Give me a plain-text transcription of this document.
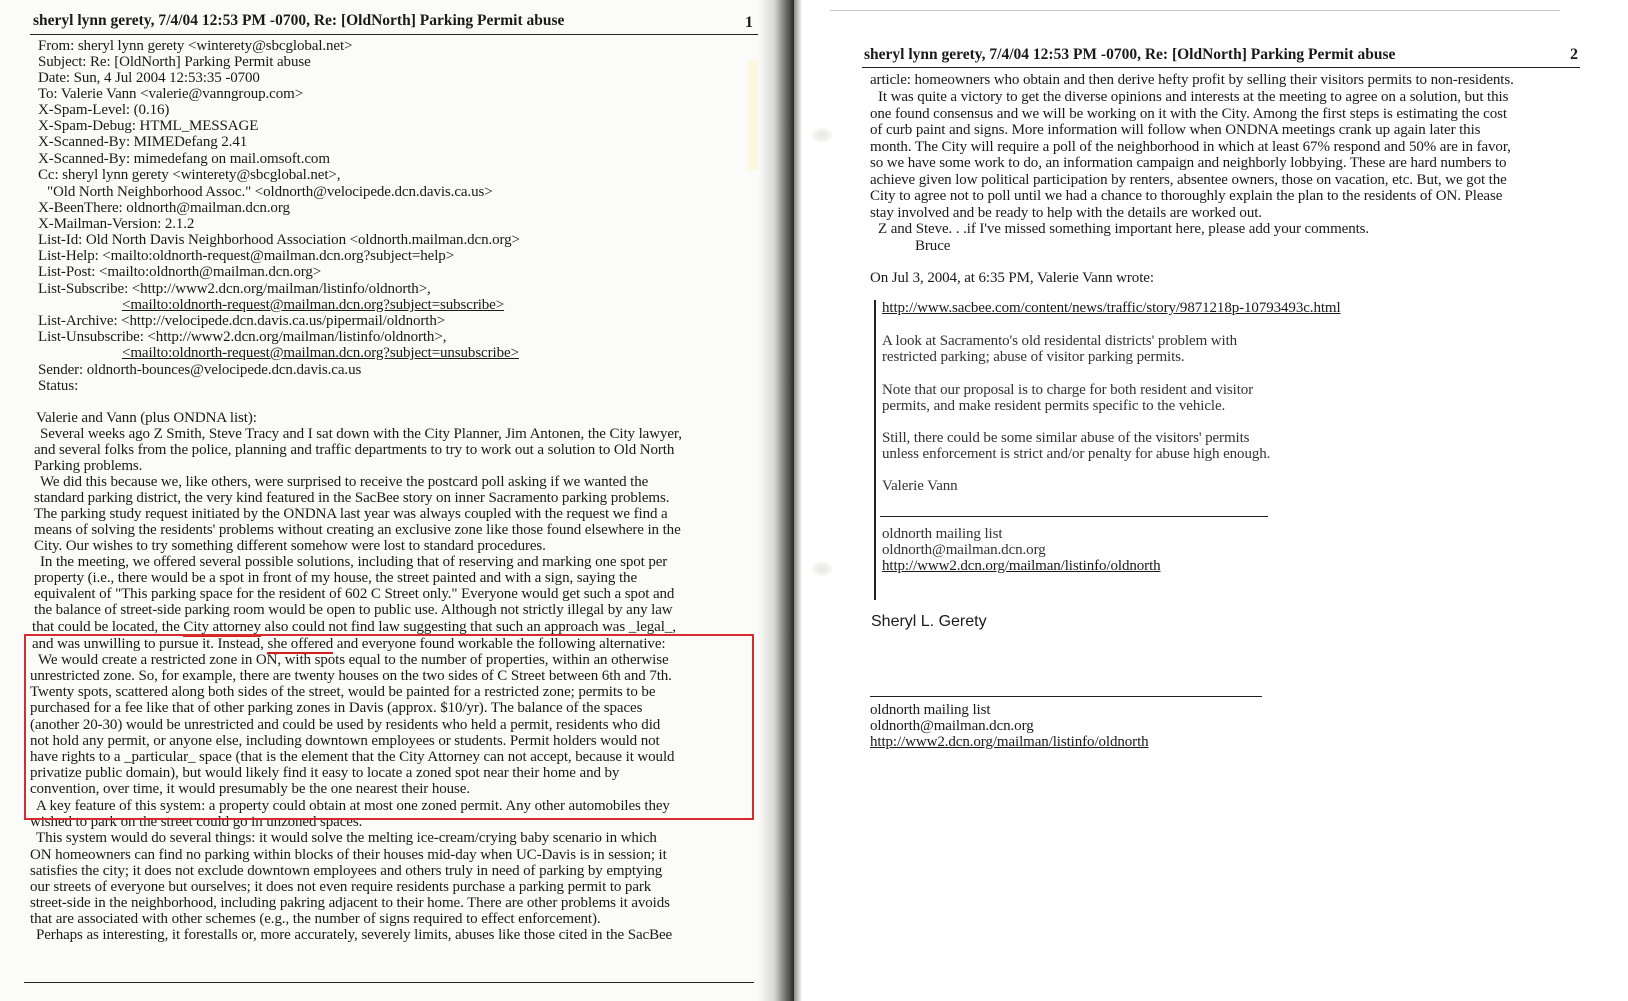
sheryl lynn gerety, 7/4/04 12:53 PM -0700, Re: [OldNorth] Parking Permit abuse	1
From: sheryl lynn gerety <winterety@sbcglobal.net>
Subject: Re: [OldNorth] Parking Permit abuse
Date: Sun, 4 Jul 2004 12:53:35 -0700
To: Valerie Vann <valerie@vanngroup.com>
X-Spam-Level: (0.16)
X-Spam-Debug: HTML_MESSAGE
X-Scanned-By: MIMEDefang 2.41
X-Scanned-By: mimedefang on mail.omsoft.com
Cc: sheryl lynn gerety <winterety@sbcglobal.net>,
"Old North Neighborhood Assoc." <oldnorth@velocipede.dcn.davis.ca.us>
X-BeenThere: oldnorth@mailman.dcn.org
X-Mailman-Version: 2.1.2
List-Id: Old North Davis Neighborhood Association <oldnorth.mailman.dcn.org>
List-Help: <mailto:oldnorth-request@mailman.dcn.org?subject=help>
List-Post: <mailto:oldnorth@mailman.dcn.org>
List-Subscribe: <http://www2.dcn.org/mailman/listinfo/oldnorth>,
<mailto:oldnorth-request@mailman.dcn.org?subject=subscribe>
List-Archive: <http://velocipede.dcn.davis.ca.us/pipermail/oldnorth>
List-Unsubscribe: <http://www2.dcn.org/mailman/listinfo/oldnorth>,
<mailto:oldnorth-request@mailman.dcn.org?subject=unsubscribe>
Sender: oldnorth-bounces@velocipede.dcn.davis.ca.us
Status:
Valerie and Vann (plus ONDNA list):
Several weeks ago Z Smith, Steve Tracy and I sat down with the City Planner, Jim Antonen, the City lawyer,
and several folks from the police, planning and traffic departments to try to work out a solution to Old North
Parking problems.
We did this because we, like others, were surprised to receive the postcard poll asking if we wanted the
standard parking district, the very kind featured in the SacBee story on inner Sacramento parking problems.
The parking study request initiated by the ONDNA last year was always coupled with the request we find a
means of solving the residents' problems without creating an exclusive zone like those found elsewhere in the
City. Our wishes to try something different somehow were lost to standard procedures.
In the meeting, we offered several possible solutions, including that of reserving and marking one spot per
property (i.e., there would be a spot in front of my house, the street painted and with a sign, saying the
equivalent of "This parking space for the resident of 602 C Street only." Everyone would get such a spot and
the balance of street-side parking room would be open to public use. Although not strictly illegal by any law
that could be located, the City attorney also could not find law suggesting that such an approach was _legal_,
and was unwilling to pursue it. Instead, she offered and everyone found workable the following alternative:
We would create a restricted zone in ON, with spots equal to the number of properties, within an otherwise
unrestricted zone. So, for example, there are twenty houses on the two sides of C Street between 6th and 7th.
Twenty spots, scattered along both sides of the street, would be painted for a restricted zone; permits to be
purchased for a fee like that of other parking zones in Davis (approx. $10/yr). The balance of the spaces
(another 20-30) would be unrestricted and could be used by residents who held a permit, residents who did
not hold any permit, or anyone else, including downtown employees or students. Permit holders would not
have rights to a _particular_ space (that is the element that the City Attorney can not accept, because it would
privatize public domain), but would likely find it easy to locate a zoned spot near their home and by
convention, over time, it would presumably be the one nearest their house.
A key feature of this system: a property could obtain at most one zoned permit. Any other automobiles they
wished to park on the street could go in unzoned spaces.
This system would do several things: it would solve the melting ice-cream/crying baby scenario in which
ON homeowners can find no parking within blocks of their houses mid-day when UC-Davis is in session; it
satisfies the city; it does not exclude downtown employees and others truly in need of parking by emptying
our streets of everyone but ourselves; it does not even require residents purchase a parking permit to park
street-side in the neighborhood, including pakring adjacent to their home. There are other problems it avoids
that are associated with other schemes (e.g., the number of signs required to effect enforcement).
Perhaps as interesting, it forestalls or, more accurately, severely limits, abuses like those cited in the SacBee
sheryl lynn gerety, 7/4/04 12:53 PM -0700, Re: [OldNorth] Parking Permit abuse	2
article: homeowners who obtain and then derive hefty profit by selling their visitors permits to non-residents.
It was quite a victory to get the diverse opinions and interests at the meeting to agree on a solution, but this
one found consensus and we will be working on it with the City. Among the first steps is estimating the cost
of curb paint and signs. More information will follow when ONDNA meetings crank up again later this
month. The City will require a poll of the neighborhood in which at least 67% respond and 50% are in favor,
so we have some work to do, an information campaign and neighborly lobbying. These are hard numbers to
achieve given low political participation by renters, absentee owners, those on vacation, etc. But, we got the
City to agree not to poll until we had a chance to thoroughly explain the plan to the residents of ON. Please
stay involved and be ready to help with the details are worked out.
Z and Steve. . .if I've missed something important here, please add your comments.
Bruce
On Jul 3, 2004, at 6:35 PM, Valerie Vann wrote:
http://www.sacbee.com/content/news/traffic/story/9871218p-10793493c.html
A look at Sacramento's old residental districts' problem with
restricted parking; abuse of visitor parking permits.
Note that our proposal is to charge for both resident and visitor
permits, and make resident permits specific to the vehicle.
Still, there could be some similar abuse of the visitors' permits
unless enforcement is strict and/or penalty for abuse high enough.
Valerie Vann
oldnorth mailing list
oldnorth@mailman.dcn.org
http://www2.dcn.org/mailman/listinfo/oldnorth
Sheryl L. Gerety
oldnorth mailing list
oldnorth@mailman.dcn.org
http://www2.dcn.org/mailman/listinfo/oldnorth
